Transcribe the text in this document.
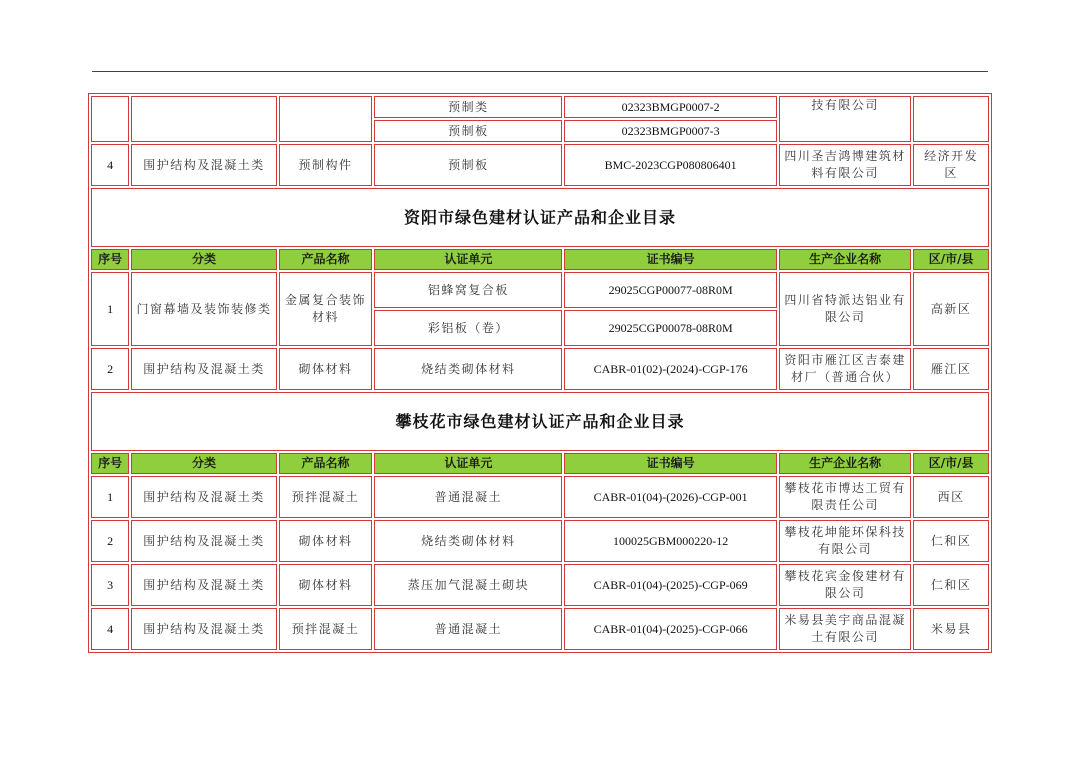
			预制类	02323BMGP0007-2	技有限公司	
			预制板	02323BMGP0007-3		
4	围护结构及混凝土类	预制构件	预制板	BMC-2023CGP080806401	四川圣吉鸿博建筑材料有限公司	经济开发区
资阳市绿色建材认证产品和企业目录						
序号	分类	产品名称	认证单元	证书编号	生产企业名称	区/市/县
1	门窗幕墙及装饰装修类	金属复合装饰材料	铝蜂窝复合板	29025CGP00077-08R0M	四川省特派达铝业有限公司	高新区
			彩铝板（卷）	29025CGP00078-08R0M		
2	围护结构及混凝土类	砌体材料	烧结类砌体材料	CABR-01(02)-(2024)-CGP-176	资阳市雁江区吉泰建材厂（普通合伙）	雁江区
攀枝花市绿色建材认证产品和企业目录						
序号	分类	产品名称	认证单元	证书编号	生产企业名称	区/市/县
1	围护结构及混凝土类	预拌混凝土	普通混凝土	CABR-01(04)-(2026)-CGP-001	攀枝花市博达工贸有限责任公司	西区
2	围护结构及混凝土类	砌体材料	烧结类砌体材料	100025GBM000220-12	攀枝花坤能环保科技有限公司	仁和区
3	围护结构及混凝土类	砌体材料	蒸压加气混凝土砌块	CABR-01(04)-(2025)-CGP-069	攀枝花宾金俊建材有限公司	仁和区
4	围护结构及混凝土类	预拌混凝土	普通混凝土	CABR-01(04)-(2025)-CGP-066	米易县美宇商品混凝土有限公司	米易县
